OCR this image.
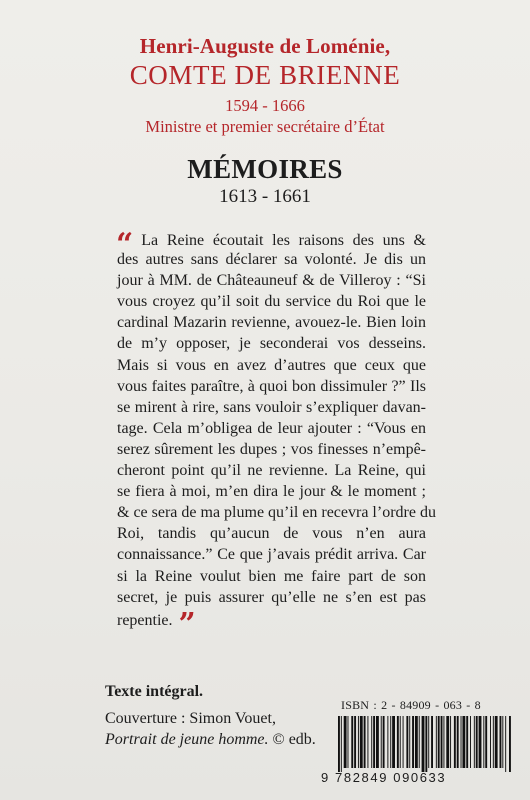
Henri-Auguste de Loménie,
COMTE DE BRIENNE
1594 - 1666
Ministre et premier secrétaire d’État
MÉMOIRES
1613 - 1661
“ La Reine écoutait les raisons des uns &
des autres sans déclarer sa volonté. Je dis un
jour à MM. de Châteauneuf & de Villeroy : “Si
vous croyez qu’il soit du service du Roi que le
cardinal Mazarin revienne, avouez-le. Bien loin
de m’y opposer, je seconderai vos desseins.
Mais si vous en avez d’autres que ceux que
vous faites paraître, à quoi bon dissimuler ?” Ils
se mirent à rire, sans vouloir s’expliquer davan-
tage. Cela m’obligea de leur ajouter : “Vous en
serez sûrement les dupes ; vos finesses n’empê-
cheront point qu’il ne revienne. La Reine, qui
se fiera à moi, m’en dira le jour & le moment ;
& ce sera de ma plume qu’il en recevra l’ordre du
Roi, tandis qu’aucun de vous n’en aura
connaissance.” Ce que j’avais prédit arriva. Car
si la Reine voulut bien me faire part de son
secret, je puis assurer qu’elle ne s’en est pas
repentie. ”
ISBN : 2 - 84909 - 063 - 8
Texte intégral.
Couverture : Simon Vouet,
Portrait de jeune homme. © edb.
9 782849 090633
